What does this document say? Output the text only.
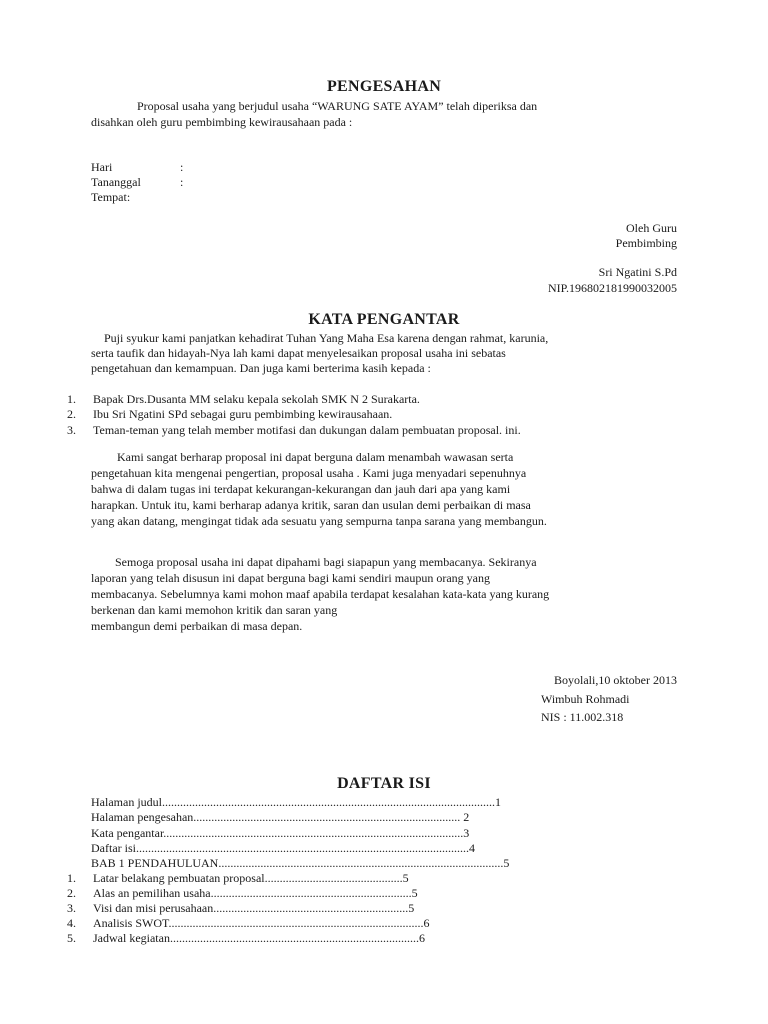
PENGESAHAN
Proposal usaha yang berjudul usaha “WARUNG SATE AYAM” telah diperiksa dan
disahkan oleh guru pembimbing kewirausahaan pada :
Hari	:
Tananggal	:
Tempat:
Oleh Guru
Pembimbing
Sri Ngatini S.Pd
NIP.196802181990032005
KATA PENGANTAR
Puji syukur kami panjatkan kehadirat Tuhan Yang Maha Esa karena dengan rahmat, karunia,
serta taufik dan hidayah-Nya lah kami dapat menyelesaikan proposal usaha ini sebatas
pengetahuan dan kemampuan. Dan juga kami berterima kasih kepada :
1. Bapak Drs.Dusanta MM selaku kepala sekolah SMK N 2 Surakarta.
2. Ibu Sri Ngatini SPd sebagai guru pembimbing kewirausahaan.
3. Teman-teman yang telah member motifasi dan dukungan dalam pembuatan proposal. ini.
Kami sangat berharap proposal ini dapat berguna dalam menambah wawasan serta
pengetahuan kita mengenai pengertian, proposal usaha . Kami juga menyadari sepenuhnya
bahwa di dalam tugas ini terdapat kekurangan-kekurangan dan jauh dari apa yang kami
harapkan. Untuk itu, kami berharap adanya kritik, saran dan usulan demi perbaikan di masa
yang akan datang, mengingat tidak ada sesuatu yang sempurna tanpa sarana yang membangun.
Semoga proposal usaha ini dapat dipahami bagi siapapun yang membacanya. Sekiranya
laporan yang telah disusun ini dapat berguna bagi kami sendiri maupun orang yang
membacanya. Sebelumnya kami mohon maaf apabila terdapat kesalahan kata-kata yang kurang
berkenan dan kami memohon kritik dan saran yang
membangun demi perbaikan di masa depan.
Boyolali,10 oktober 2013
Wimbuh Rohmadi
NIS : 11.002.318
DAFTAR ISI
Halaman judul...............................................................................................................1
Halaman pengesahan......................................................................................... 2
Kata pengantar....................................................................................................3
Daftar isi...............................................................................................................4
BAB 1 PENDAHULUAN...............................................................................................5
1. Latar belakang pembuatan proposal..............................................5
2. Alas an pemilihan usaha...................................................................5
3. Visi dan misi perusahaan.................................................................5
4. Analisis SWOT.....................................................................................6
5. Jadwal kegiatan...................................................................................6
